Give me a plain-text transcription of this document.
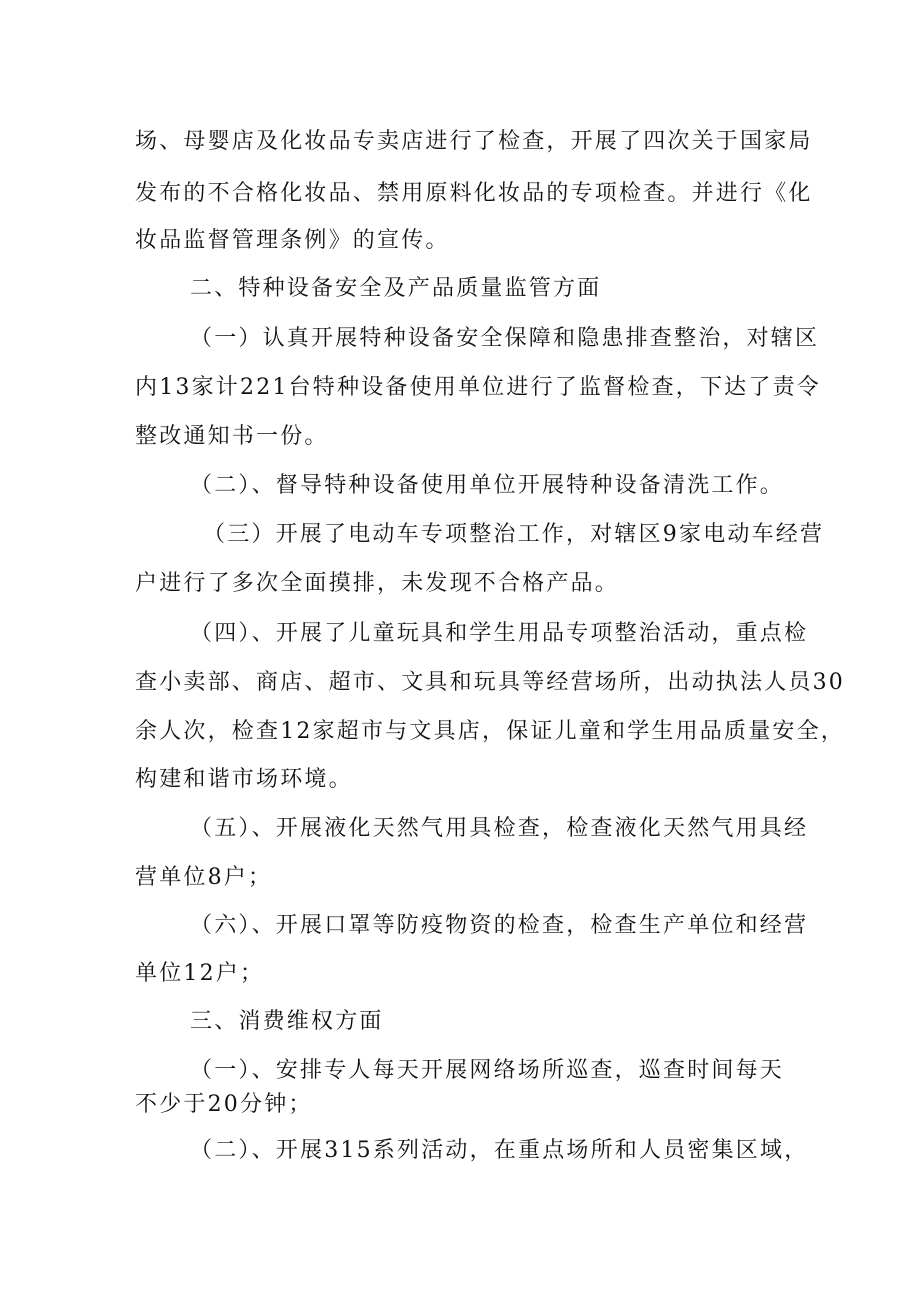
场、母婴店及化妆品专卖店进行了检查，开展了四次关于国家局
发布的不合格化妆品、禁用原料化妆品的专项检查。并进行《化
妆品监督管理条例》的宣传。
二、特种设备安全及产品质量监管方面
（一）认真开展特种设备安全保障和隐患排查整治，对辖区
内13家计221台特种设备使用单位进行了监督检查，下达了责令
整改通知书一份。
（二）、督导特种设备使用单位开展特种设备清洗工作。
（三）开展了电动车专项整治工作，对辖区9家电动车经营
户进行了多次全面摸排，未发现不合格产品。
（四）、开展了儿童玩具和学生用品专项整治活动，重点检
查小卖部、商店、超市、文具和玩具等经营场所，出动执法人员30
余人次，检查12家超市与文具店，保证儿童和学生用品质量安全，
构建和谐市场环境。
（五）、开展液化天然气用具检查，检查液化天然气用具经
营单位8户；
（六）、开展口罩等防疫物资的检查，检查生产单位和经营
单位12户；
三、消费维权方面
（一）、安排专人每天开展网络场所巡查，巡查时间每天
不少于20分钟；
（二）、开展315系列活动，在重点场所和人员密集区域，
